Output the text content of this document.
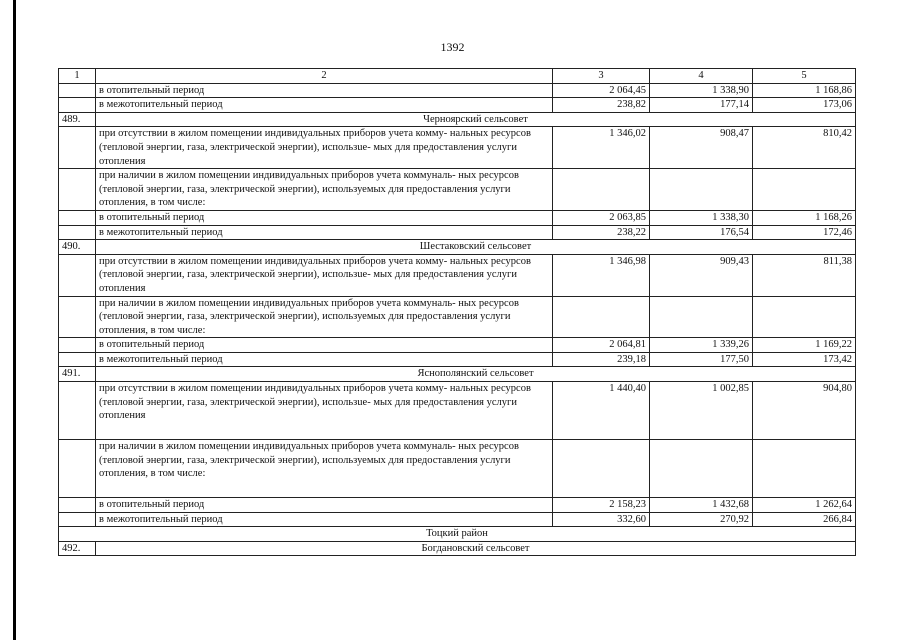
1392
1	2	3	4	5
	в отопительный период	2 064,45	1 338,90	1 168,86
	в межотопительный период	238,82	177,14	173,06
489.	Черноярский сельсовет			
	при отсутствии в жилом помещении индивидуальных приборов учета комму- нальных ресурсов (тепловой энергии, газа, электрической энергии), использue- мых для предоставления услуги отопления	1 346,02	908,47	810,42
	при наличии в жилом помещении индивидуальных приборов учета коммуналь- ных ресурсов (тепловой энергии, газа, электрической энергии), используемых для предоставления услуги отопления, в том числе:			
	в отопительный период	2 063,85	1 338,30	1 168,26
	в межотопительный период	238,22	176,54	172,46
490.	Шестаковский сельсовет			
	при отсутствии в жилом помещении индивидуальных приборов учета комму- нальных ресурсов (тепловой энергии, газа, электрической энергии), использue- мых для предоставления услуги отопления	1 346,98	909,43	811,38
	при наличии в жилом помещении индивидуальных приборов учета коммуналь- ных ресурсов (тепловой энергии, газа, электрической энергии), используемых для предоставления услуги отопления, в том числе:			
	в отопительный период	2 064,81	1 339,26	1 169,22
	в межотопительный период	239,18	177,50	173,42
491.	Яснополянский сельсовет			
	при отсутствии в жилом помещении индивидуальных приборов учета комму- нальных ресурсов (тепловой энергии, газа, электрической энергии), использue- мых для предоставления услуги отопления	1 440,40	1 002,85	904,80
	при наличии в жилом помещении индивидуальных приборов учета коммуналь- ных ресурсов (тепловой энергии, газа, электрической энергии), используемых для предоставления услуги отопления, в том числе:			
	в отопительный период	2 158,23	1 432,68	1 262,64
	в межотопительный период	332,60	270,92	266,84
Тоцкий район				
492.	Богдановский сельсовет			
